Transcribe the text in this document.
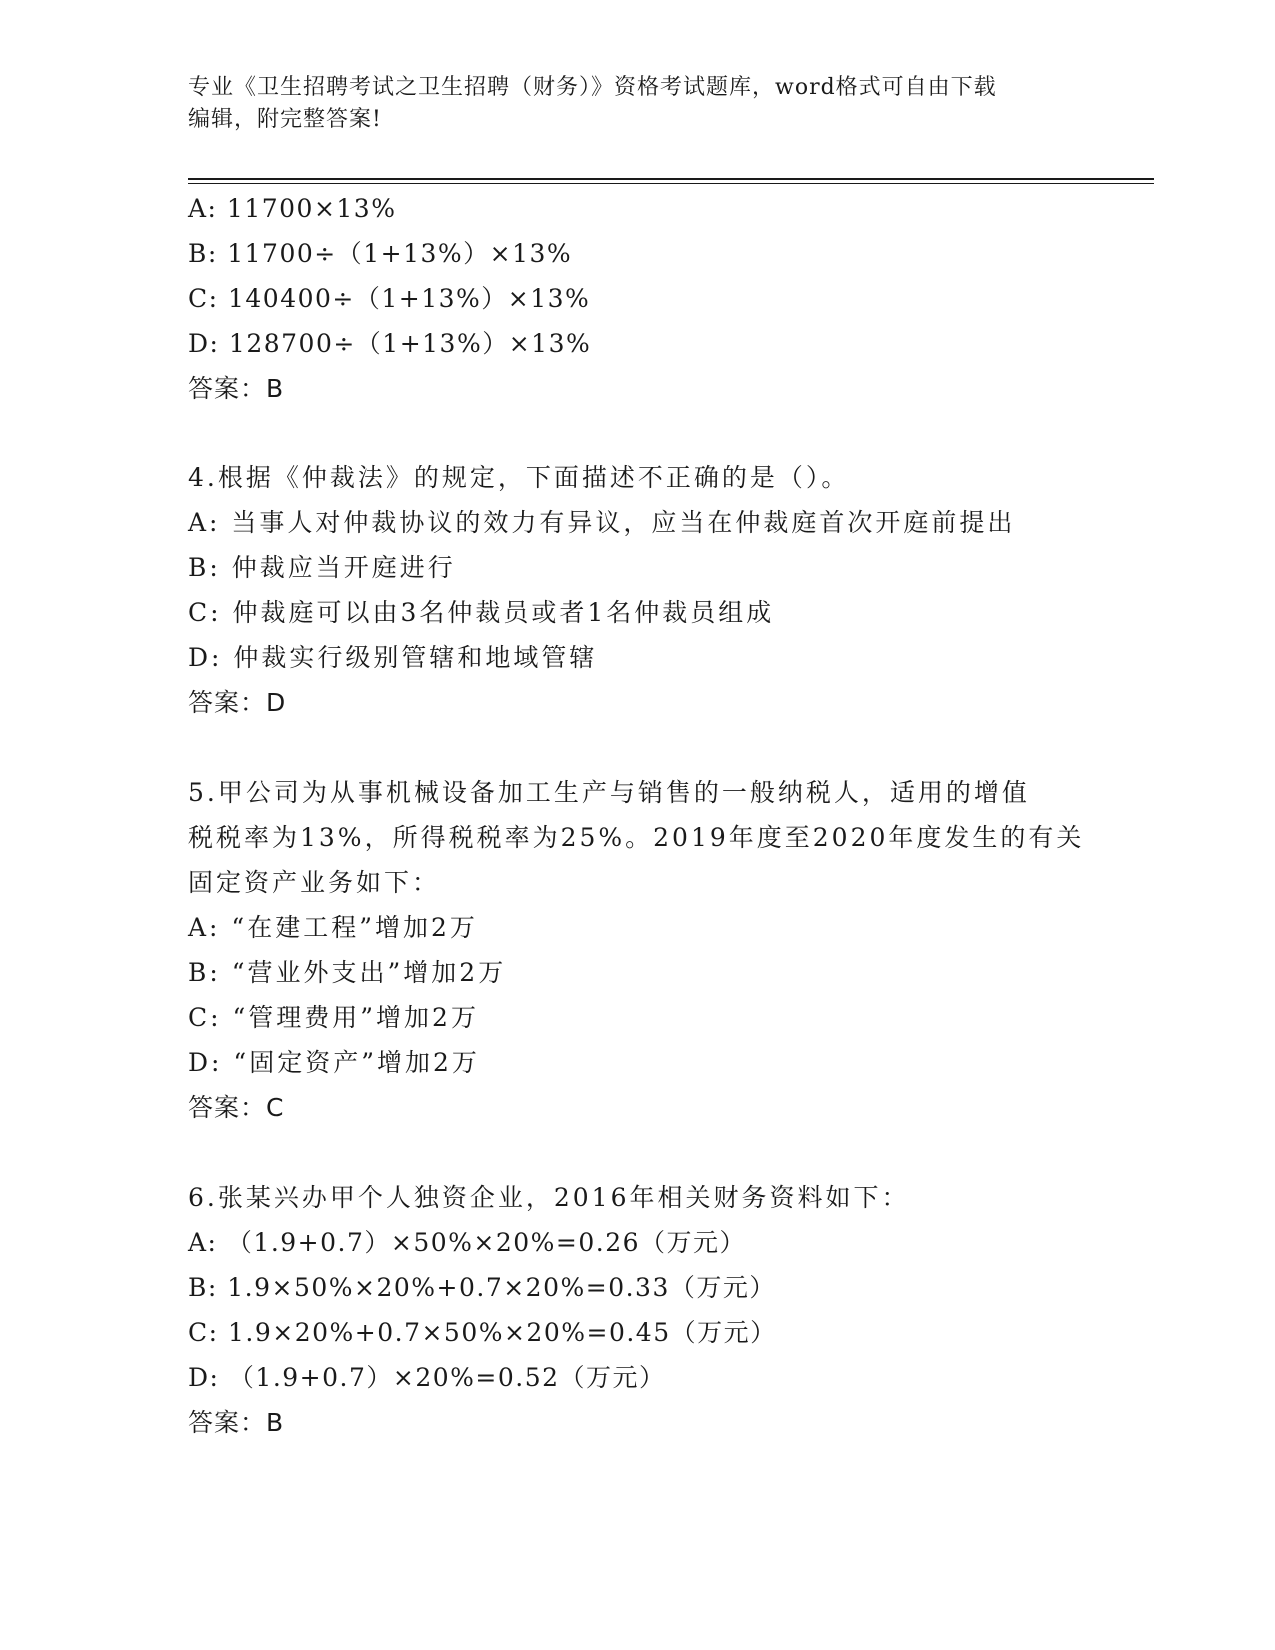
专业《卫生招聘考试之卫生招聘（财务）》资格考试题库，word格式可自由下载
编辑，附完整答案!
A: 11700×13%
B: 11700÷（1+13%）×13%
C: 140400÷（1+13%）×13%
D: 128700÷（1+13%）×13%
答案：B
4.根据《仲裁法》的规定，下面描述不正确的是（）。
A: 当事人对仲裁协议的效力有异议，应当在仲裁庭首次开庭前提出
B: 仲裁应当开庭进行
C: 仲裁庭可以由3名仲裁员或者1名仲裁员组成
D: 仲裁实行级别管辖和地域管辖
答案：D
5.甲公司为从事机械设备加工生产与销售的一般纳税人，适用的增值
税税率为13%，所得税税率为25%。2019年度至2020年度发生的有关
固定资产业务如下：
A: “在建工程”增加2万
B: “营业外支出”增加2万
C: “管理费用”增加2万
D: “固定资产”增加2万
答案：C
6.张某兴办甲个人独资企业，2016年相关财务资料如下：
A: （1.9+0.7）×50%×20%=0.26（万元）
B: 1.9×50%×20%+0.7×20%=0.33（万元）
C: 1.9×20%+0.7×50%×20%=0.45（万元）
D: （1.9+0.7）×20%=0.52（万元）
答案：B
